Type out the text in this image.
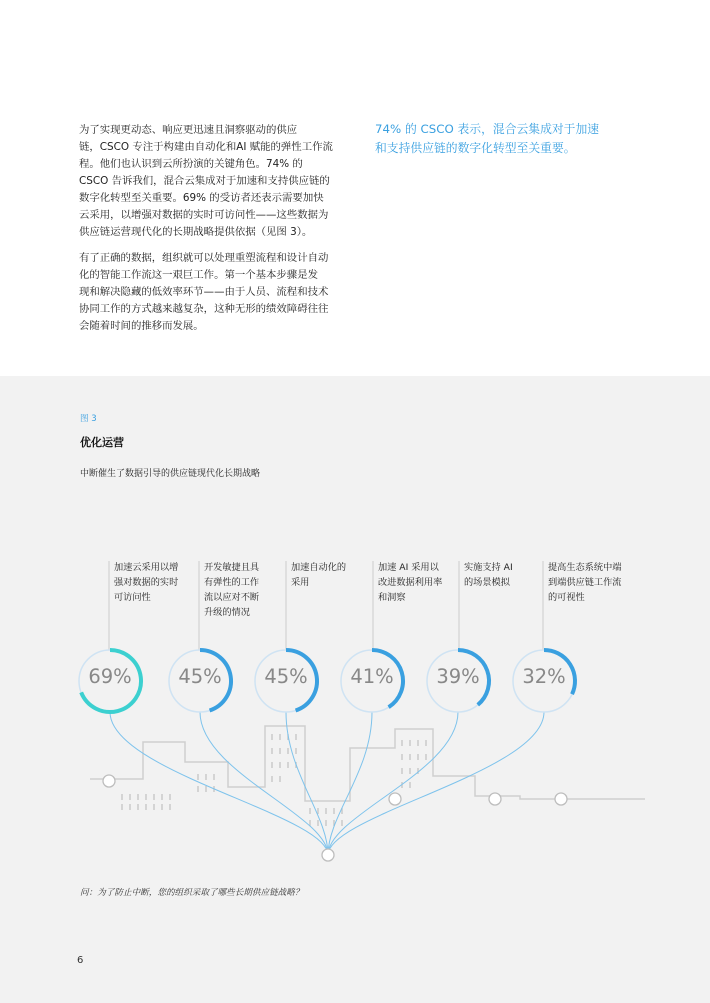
为了实现更动态、响应更迅速且洞察驱动的供应
链，CSCO 专注于构建由自动化和AI 赋能的弹性工作流
程。他们也认识到云所扮演的关键角色。74% 的
CSCO 告诉我们，混合云集成对于加速和支持供应链的
数字化转型至关重要。69% 的受访者还表示需要加快
云采用，以增强对数据的实时可访问性——这些数据为
供应链运营现代化的长期战略提供依据（见图 3）。

有了正确的数据，组织就可以处理重塑流程和设计自动
化的智能工作流这一艰巨工作。第一个基本步骤是发
现和解决隐藏的低效率环节——由于人员、流程和技术
协同工作的方式越来越复杂，这种无形的绩效障碍往往
会随着时间的推移而发展。

74% 的 CSCO 表示，混合云集成对于加速
和支持供应链的数字化转型至关重要。
图 3
优化运营
中断催生了数据引导的供应链现代化长期战略
加速云采用以增
强对数据的实时
可访问性
开发敏捷且具
有弹性的工作
流以应对不断
升级的情况
加速自动化的
采用
加速 AI 采用以
改进数据利用率
和洞察
实施支持 AI
的场景模拟
提高生态系统中端
到端供应链工作流
的可视性
69%	45%	45%	41%	39%	32%
问：为了防止中断，您的组织采取了哪些长期供应链战略？
6
